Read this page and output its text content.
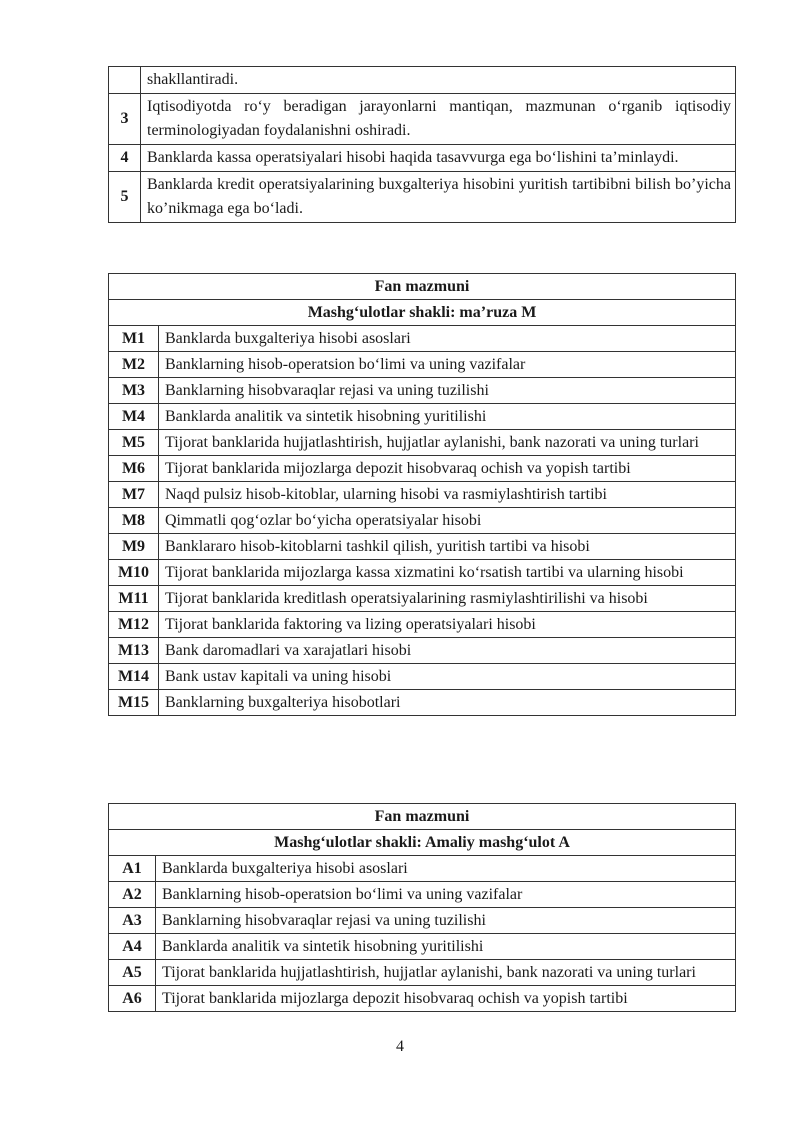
	shakllantiradi.
3	Iqtisodiyotda ro‘y beradigan jarayonlarni mantiqan, mazmunan o‘rganib iqtisodiy terminologiyadan foydalanishni oshiradi.
4	Banklarda kassa operatsiyalari hisobi haqida tasavvurga ega bo‘lishini ta’minlaydi.
5	Banklarda kredit operatsiyalarining buxgalteriya hisobini yuritish tartibibni bilish bo’yicha ko’nikmaga ega bo‘ladi.
Fan mazmuni	
Mashg‘ulotlar shakli: ma’ruza M	
M1	Banklarda buxgalteriya hisobi asoslari
M2	Banklarning hisob-operatsion bo‘limi va uning vazifalar
M3	Banklarning hisobvaraqlar rejasi va uning tuzilishi
M4	Banklarda analitik va sintetik hisobning yuritilishi
M5	Tijorat banklarida hujjatlashtirish, hujjatlar aylanishi, bank nazorati va uning turlari
M6	Tijorat banklarida mijozlarga depozit hisobvaraq ochish va yopish tartibi
M7	Naqd pulsiz hisob-kitoblar, ularning hisobi va rasmiylashtirish tartibi
M8	Qimmatli qog‘ozlar bo‘yicha operatsiyalar hisobi
M9	Banklararo hisob-kitoblarni tashkil qilish, yuritish tartibi va hisobi
M10	Tijorat banklarida mijozlarga kassa xizmatini ko‘rsatish tartibi va ularning hisobi
M11	Tijorat banklarida kreditlash operatsiyalarining rasmiylashtirilishi va hisobi
M12	Tijorat banklarida faktoring va lizing operatsiyalari hisobi
M13	Bank daromadlari va xarajatlari hisobi
M14	Bank ustav kapitali va uning hisobi
M15	Banklarning buxgalteriya hisobotlari
Fan mazmuni	
Mashg‘ulotlar shakli: Amaliy mashg‘ulot A	
A1	Banklarda buxgalteriya hisobi asoslari
A2	Banklarning hisob-operatsion bo‘limi va uning vazifalar
A3	Banklarning hisobvaraqlar rejasi va uning tuzilishi
A4	Banklarda analitik va sintetik hisobning yuritilishi
A5	Tijorat banklarida hujjatlashtirish, hujjatlar aylanishi, bank nazorati va uning turlari
A6	Tijorat banklarida mijozlarga depozit hisobvaraq ochish va yopish tartibi
4
